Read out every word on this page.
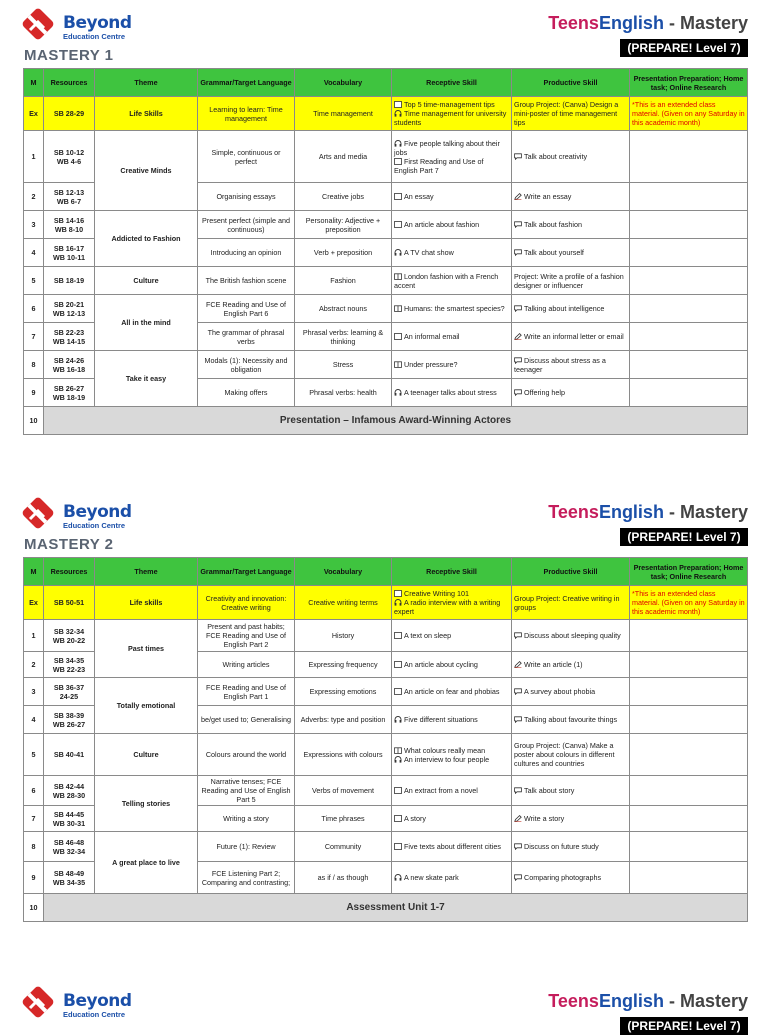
Beyond
Education Centre
TeensEnglish - Mastery
(PREPARE! Level 7)
MASTERY 1
M	Resources	Theme	Grammar/Target Language	Vocabulary	Receptive Skill	Productive Skill	Presentation Preparation; Home task; Online Research
Ex	SB 28-29	Life Skills	Learning to learn: Time management	Time management	Top 5 time-management tips
Time management for university students	Group Project: (Canva) Design a mini-poster of time management tips	*This is an extended class material. (Given on any Saturday in this academic month)
1	SB 10-12
WB 4-6	Creative Minds	Simple, continuous or perfect	Arts and media	Five people talking about their jobs
First Reading and Use of English Part 7	Talk about creativity	

2	SB 12-13
WB 6-7		Organising essays	Creative jobs	An essay	Write an essay	

3	SB 14-16
WB 8-10	Addicted to Fashion	Present perfect (simple and continuous)	Personality: Adjective + preposition	An article about fashion	Talk about fashion	

4	SB 16-17
WB 10-11		Introducing an opinion	Verb + preposition	A TV chat show	Talk about yourself	

5	SB 18-19	Culture	The British fashion scene	Fashion	London fashion with a French accent	Project: Write a profile of a fashion designer or influencer	

6	SB 20-21
WB 12-13	All in the mind	FCE Reading and Use of English Part 6	Abstract nouns	Humans: the smartest species?	Talking about intelligence	

7	SB 22-23
WB 14-15		The grammar of phrasal verbs	Phrasal verbs: learning & thinking	An informal email	Write an informal letter or email	

8	SB 24-26
WB 16-18	Take it easy	Modals (1): Necessity and obligation	Stress	Under pressure?	Discuss about stress as a teenager	

9	SB 26-27
WB 18-19		Making offers	Phrasal verbs: health	A teenager talks about stress	Offering help	

10	Presentation – Infamous Award-Winning Actores						
Beyond
Education Centre
TeensEnglish - Mastery
(PREPARE! Level 7)
MASTERY 2
M	Resources	Theme	Grammar/Target Language	Vocabulary	Receptive Skill	Productive Skill	Presentation Preparation; Home task; Online Research
Ex	SB 50-51	Life skills	Creativity and innovation: Creative writing	Creative writing terms	Creative Writing 101
A radio interview with a writing expert	Group Project: Creative writing in groups	*This is an extended class material. (Given on any Saturday in this academic month)
1	SB 32-34
WB 20-22	Past times	Present and past habits; FCE Reading and Use of English Part 2	History	A text on sleep	Discuss about sleeping quality	

2	SB 34-35
WB 22-23		Writing articles	Expressing frequency	An article about cycling	Write an article (1)	

3	SB 36-37
24-25	Totally emotional	FCE Reading and Use of English Part 1	Expressing emotions	An article on fear and phobias	A survey about phobia	

4	SB 38-39
WB 26-27		be/get used to; Generalising	Adverbs: type and position	Five different situations	Talking about favourite things	

5	SB 40-41	Culture	Colours around the world	Expressions with colours	What colours really mean
An interview to four people	Group Project: (Canva) Make a poster about colours in different cultures and countries	

6	SB 42-44
WB 28-30	Telling stories	Narrative tenses; FCE Reading and Use of English Part 5	Verbs of movement	An extract from a novel	Talk about story	

7	SB 44-45
WB 30-31		Writing a story	Time phrases	A story	Write a story	

8	SB 46-48
WB 32-34	A great place to live	Future (1): Review	Community	Five texts about different cities	Discuss on future study	

9	SB 48-49
WB 34-35		FCE Listening Part 2; Comparing and contrasting;	as if / as though	A new skate park	Comparing photographs	

10	Assessment Unit 1-7						
Beyond
Education Centre
TeensEnglish - Mastery
(PREPARE! Level 7)
